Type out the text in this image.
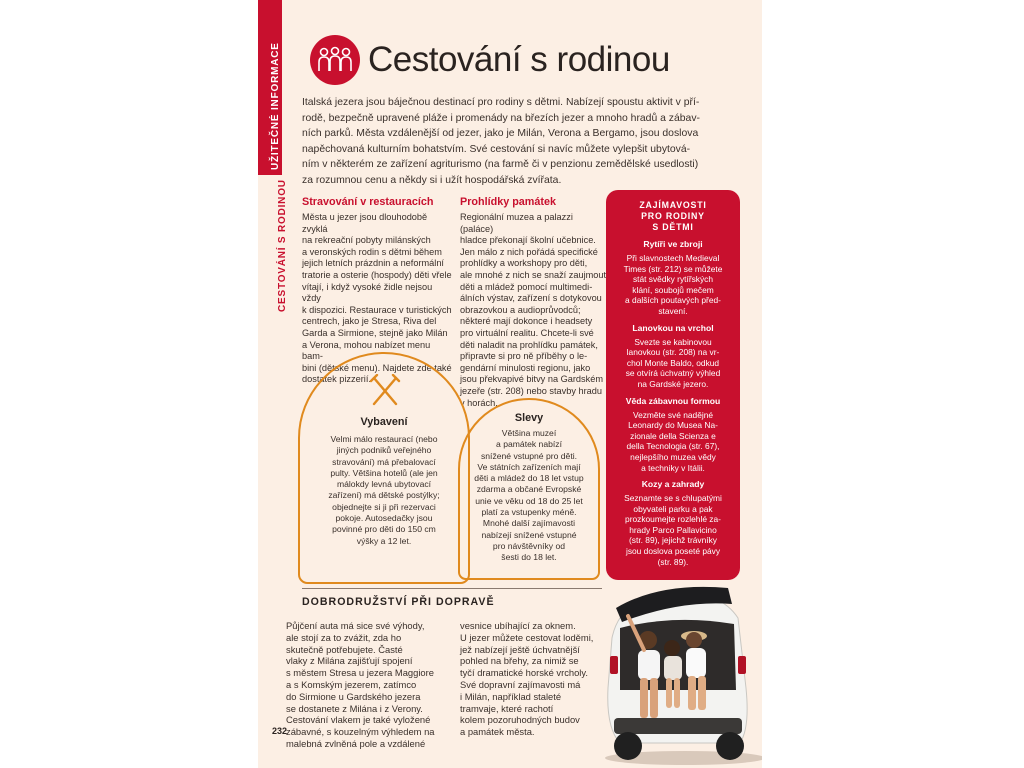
UŽITEČNÉ INFORMACE
CESTOVÁNÍ S RODINOU
Cestování s rodinou
Italská jezera jsou báječnou destinací pro rodiny s dětmi. Nabízejí spoustu aktivit v pří-
rodě, bezpečně upravené pláže i promenády na březích jezer a mnoho hradů a zábav-
ních parků. Města vzdálenější od jezer, jako je Milán, Verona a Bergamo, jsou doslova
napěchovaná kulturním bohatstvím. Své cestování si navíc můžete vylepšit ubytová-
ním v některém ze zařízení agriturismo (na farmě či v penzionu zemědělské usedlosti)
za rozumnou cenu a někdy si i užít hospodářská zvířata.
Stravování v restauracích
Města u jezer jsou dlouhodobě zvyklá
na rekreační pobyty milánských
a veronských rodin s dětmi během
jejich letních prázdnin a neformální
tratorie a osterie (hospody) děti vřele
vítají, i když vysoké židle nejsou vždy
k dispozici. Restaurace v turistických
centrech, jako je Stresa, Riva del
Garda a Sirmione, stejně jako Milán
a Verona, mohou nabízet menu bam-
bini (dětské menu). Najdete zde také
dostatek pizzerií.
Prohlídky památek
Regionální muzea a palazzi (paláce)
hladce překonají školní učebnice.
Jen málo z nich pořádá specifické
prohlídky a workshopy pro děti,
ale mnohé z nich se snaží zaujmout
děti a mládež pomocí multimedi-
álních výstav, zařízení s dotykovou
obrazovkou a audioprůvodců;
některé mají dokonce i headsety
pro virtuální realitu. Chcete-li své
děti naladit na prohlídku památek,
připravte si pro ně příběhy o le-
gendární minulosti regionu, jako
jsou překvapivé bitvy na Gardském
jezeře (str. 208) nebo stavby hradu
v horách.
Vybavení
Velmi málo restaurací (nebo
jiných podniků veřejného
stravování) má přebalovací
pulty. Většina hotelů (ale jen
málokdy levná ubytovací
zařízení) má dětské postýlky;
objednejte si ji při rezervaci
pokoje. Autosedačky jsou
povinné pro děti do 150 cm
výšky a 12 let.
Slevy
Většina muzeí
a památek nabízí
snížené vstupné pro děti.
Ve státních zařízeních mají
děti a mládež do 18 let vstup
zdarma a občané Evropské
unie ve věku od 18 do 25 let
platí za vstupenky méně.
Mnohé další zajímavosti
nabízejí snížené vstupné
pro návštěvníky od
šesti do 18 let.
ZAJÍMAVOSTI
PRO RODINY
S DĚTMI
Rytíři ve zbroji
Při slavnostech Medieval
Times (str. 212) se můžete
stát svědky rytířských
klání, soubojů mečem
a dalších poutavých před-
stavení.
Lanovkou na vrchol
Svezte se kabinovou
lanovkou (str. 208) na vr-
chol Monte Baldo, odkud
se otvírá úchvatný výhled
na Gardské jezero.
Věda zábavnou formou
Vezměte své nadějné
Leonardy do Musea Na-
zionale della Scienza e
della Tecnologia (str. 67),
nejlepšího muzea vědy
a techniky v Itálii.
Kozy a zahrady
Seznamte se s chlupatými
obyvateli parku a pak
prozkoumejte rozlehlé za-
hrady Parco Pallavicino
(str. 89), jejichž trávníky
jsou doslova poseté pávy
(str. 89).
DOBRODRUŽSTVÍ PŘI DOPRAVĚ
Půjčení auta má sice své výhody,
ale stojí za to zvážit, zda ho
skutečně potřebujete. Časté
vlaky z Milána zajišťují spojení
s městem Stresa u jezera Maggiore
a s Komským jezerem, zatímco
do Sirmione u Gardského jezera
se dostanete z Milána i z Verony.
Cestování vlakem je také vyložené
zábavné, s kouzelným výhledem na
malebná zvlněná pole a vzdálené
vesnice ubíhající za oknem.
U jezer můžete cestovat loděmi,
jež nabízejí ještě úchvatnější
pohled na břehy, za nimiž se
tyčí dramatické horské vrcholy.
Své dopravní zajímavosti má
i Milán, například staleté
tramvaje, které rachotí
kolem pozoruhodných budov
a památek města.
232
